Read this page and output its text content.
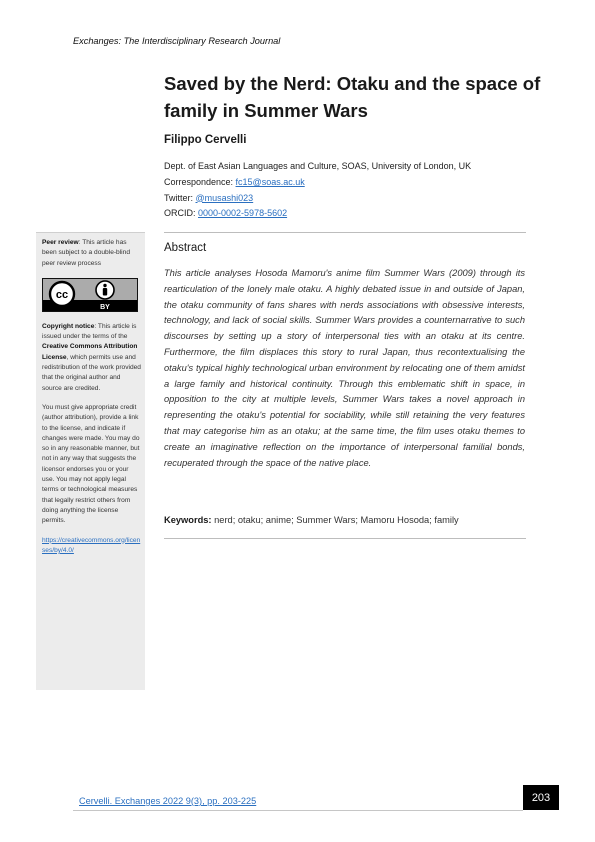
Exchanges: The Interdisciplinary Research Journal
Saved by the Nerd: Otaku and the space of family in Summer Wars
Filippo Cervelli
Dept. of East Asian Languages and Culture, SOAS, University of London, UK
Correspondence: fc15@soas.ac.uk
Twitter: @musashi023
ORCID: 0000-0002-5978-5602
Abstract
This article analyses Hosoda Mamoru's anime film Summer Wars (2009) through its rearticulation of the lonely male otaku. A highly debated issue in and outside of Japan, the otaku community of fans shares with nerds associations with obsessive interests, technology, and lack of social skills. Summer Wars provides a counternarrative to such discourses by setting up a story of interpersonal ties with an otaku at its centre. Furthermore, the film displaces this story to rural Japan, thus recontextualising the otaku's typical highly technological urban environment by relocating one of them amidst a large family and historical continuity. Through this emblematic shift in space, in opposition to the city at multiple levels, Summer Wars takes a novel approach in representing the otaku's potential for sociability, while still retaining the very features that may categorise him as an otaku; at the same time, the film uses otaku themes to create an imaginative reflection on the importance of interpersonal familial bonds, recuperated through the space of the native place.
Keywords: nerd; otaku; anime; Summer Wars; Mamoru Hosoda; family

Peer review: This article has been subject to a double-blind peer review process

cc
BY

Copyright notice: This article is issued under the terms of the Creative Commons Attribution License, which permits use and redistribution of the work provided that the original author and source are credited.

You must give appropriate credit (author attribution), provide a link to the license, and indicate if changes were made. You may do so in any reasonable manner, but not in any way that suggests the licensor endorses you or your use. You may not apply legal terms or technological measures that legally restrict others from doing anything the license permits.

https://creativecommons.org/licenses/by/4.0/

Cervelli. Exchanges 2022 9(3), pp. 203-225	203
